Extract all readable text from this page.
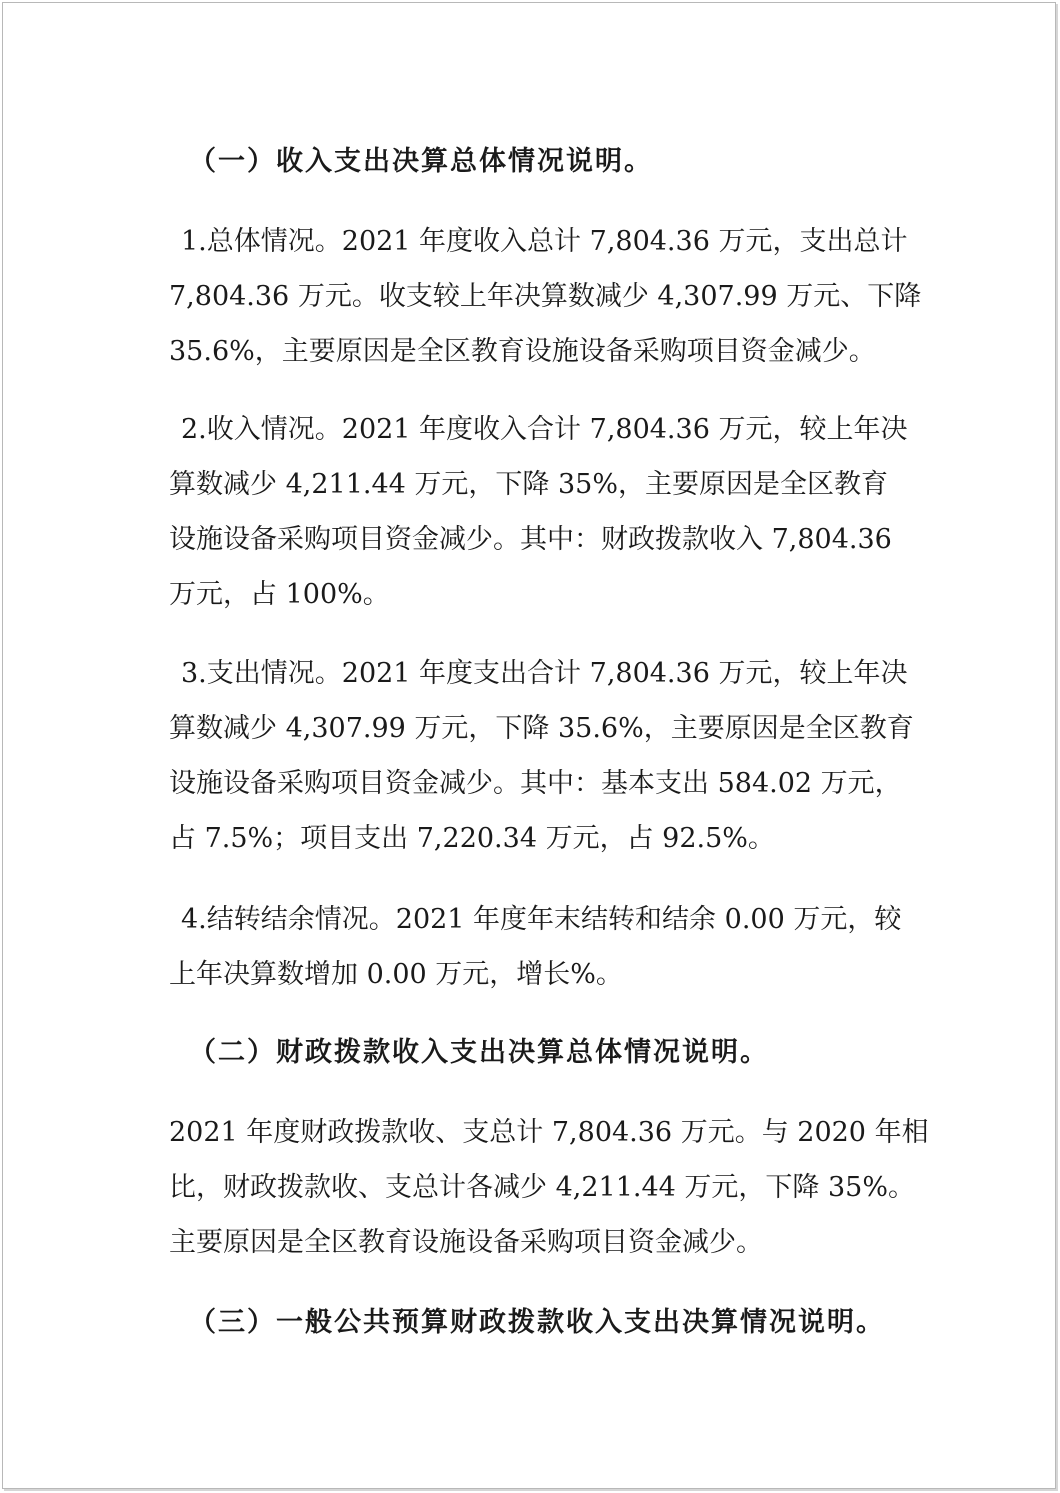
（一）收入支出决算总体情况说明。
1.总体情况。2021 年度收入总计 7,804.36 万元，支出总计
7,804.36 万元。收支较上年决算数减少 4,307.99 万元、下降
35.6%，主要原因是全区教育设施设备采购项目资金减少。
2.收入情况。2021 年度收入合计 7,804.36 万元，较上年决
算数减少 4,211.44 万元，下降 35%，主要原因是全区教育
设施设备采购项目资金减少。其中：财政拨款收入 7,804.36
万元，占 100%。
3.支出情况。2021 年度支出合计 7,804.36 万元，较上年决
算数减少 4,307.99 万元，下降 35.6%，主要原因是全区教育
设施设备采购项目资金减少。其中：基本支出 584.02 万元，
占 7.5%；项目支出 7,220.34 万元，占 92.5%。
4.结转结余情况。2021 年度年末结转和结余 0.00 万元，较
上年决算数增加 0.00 万元，增长%。
（二）财政拨款收入支出决算总体情况说明。
2021 年度财政拨款收、支总计 7,804.36 万元。与 2020 年相
比，财政拨款收、支总计各减少 4,211.44 万元，下降 35%。
主要原因是全区教育设施设备采购项目资金减少。
（三）一般公共预算财政拨款收入支出决算情况说明。
